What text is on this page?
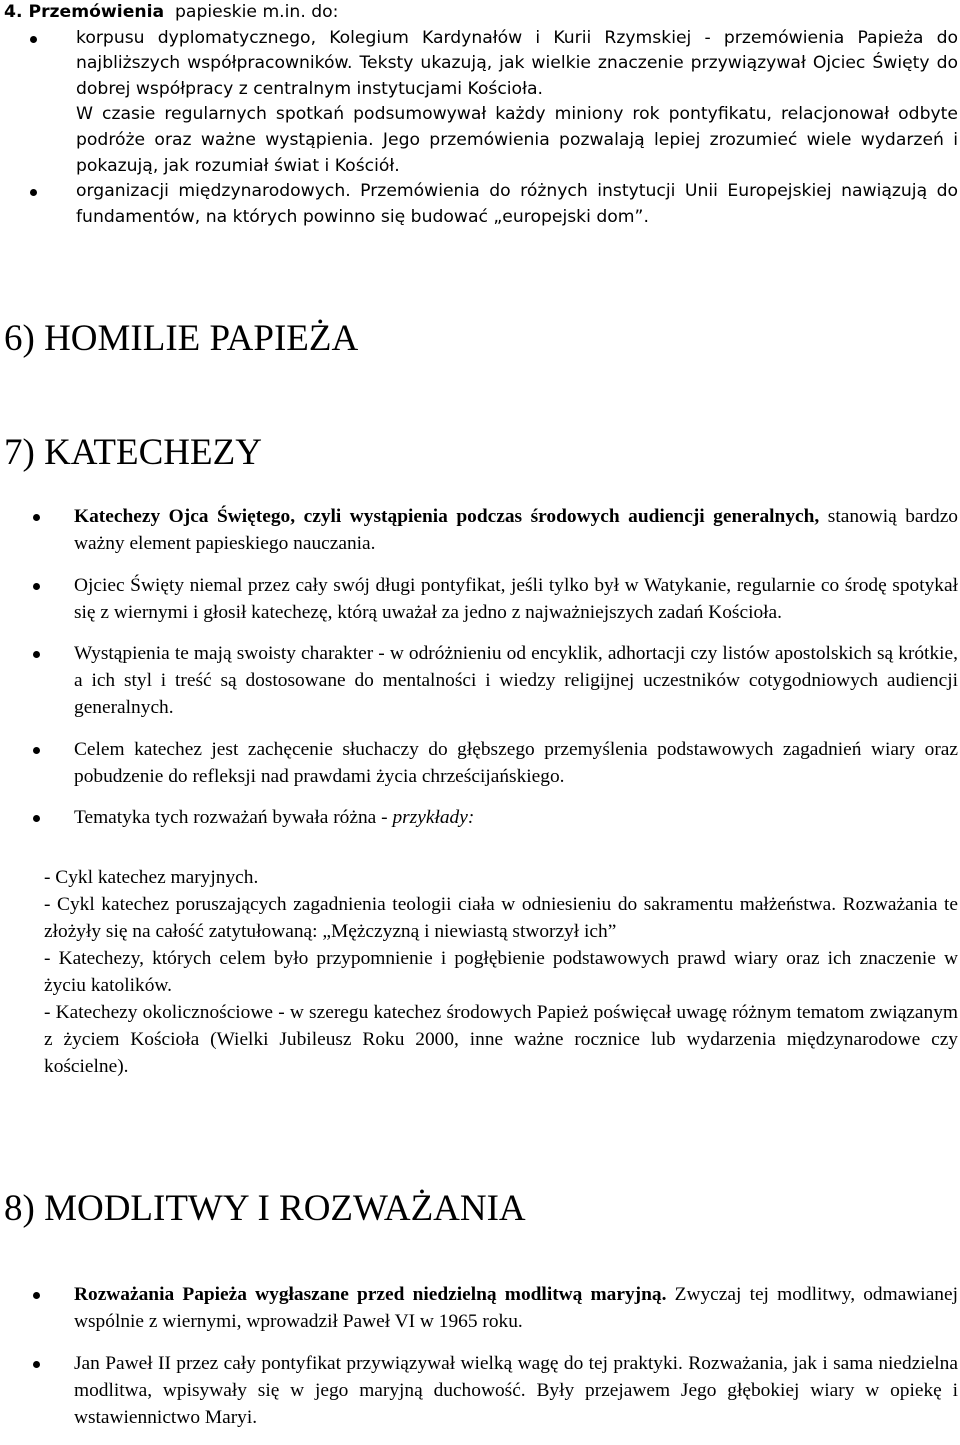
4. Przemówienia papieskie m.in. do:
korpusu dyplomatycznego, Kolegium Kardynałów i Kurii Rzymskiej - przemówienia Papieża do najbliższych współpracowników. Teksty ukazują, jak wielkie znaczenie przywiązywał Ojciec Święty do dobrej współpracy z centralnym instytucjami Kościoła.
W czasie regularnych spotkań podsumowywał każdy miniony rok pontyfikatu, relacjonował odbyte podróże oraz ważne wystąpienia. Jego przemówienia pozwalają lepiej zrozumieć wiele wydarzeń i pokazują, jak rozumiał świat i Kościół.
organizacji międzynarodowych. Przemówienia do różnych instytucji Unii Europejskiej nawiązują do fundamentów, na których powinno się budować „europejski dom”.
6) HOMILIE PAPIEŻA
7) KATECHEZY
Katechezy Ojca Świętego, czyli wystąpienia podczas środowych audiencji generalnych, stanowią bardzo ważny element papieskiego nauczania.
Ojciec Święty niemal przez cały swój długi pontyfikat, jeśli tylko był w Watykanie, regularnie co środę spotykał się z wiernymi i głosił katechezę, którą uważał za jedno z najważniejszych zadań Kościoła.
Wystąpienia te mają swoisty charakter - w odróżnieniu od encyklik, adhortacji czy listów apostolskich są krótkie, a ich styl i treść są dostosowane do mentalności i wiedzy religijnej uczestników cotygodniowych audiencji generalnych.
Celem katechez jest zachęcenie słuchaczy do głębszego przemyślenia podstawowych zagadnień wiary oraz pobudzenie do refleksji nad prawdami życia chrześcijańskiego.
Tematyka tych rozważań bywała różna - przykłady:

- Cykl katechez maryjnych.

- Cykl katechez poruszających zagadnienia teologii ciała w odniesieniu do sakramentu małżeństwa. Rozważania te złożyły się na całość zatytułowaną: „Mężczyzną i niewiastą stworzył ich”

- Katechezy, których celem było przypomnienie i pogłębienie podstawowych prawd wiary oraz ich znaczenie w życiu katolików.

- Katechezy okolicznościowe - w szeregu katechez środowych Papież poświęcał uwagę różnym tematom związanym z życiem Kościoła (Wielki Jubileusz Roku 2000, inne ważne rocznice lub wydarzenia międzynarodowe czy kościelne).

8) MODLITWY I ROZWAŻANIA
Rozważania Papieża wygłaszane przed niedzielną modlitwą maryjną. Zwyczaj tej modlitwy, odmawianej wspólnie z wiernymi, wprowadził Paweł VI w 1965 roku.
Jan Paweł II przez cały pontyfikat przywiązywał wielką wagę do tej praktyki. Rozważania, jak i sama niedzielna modlitwa, wpisywały się w jego maryjną duchowość. Były przejawem Jego głębokiej wiary w opiekę i wstawiennictwo Maryi.
